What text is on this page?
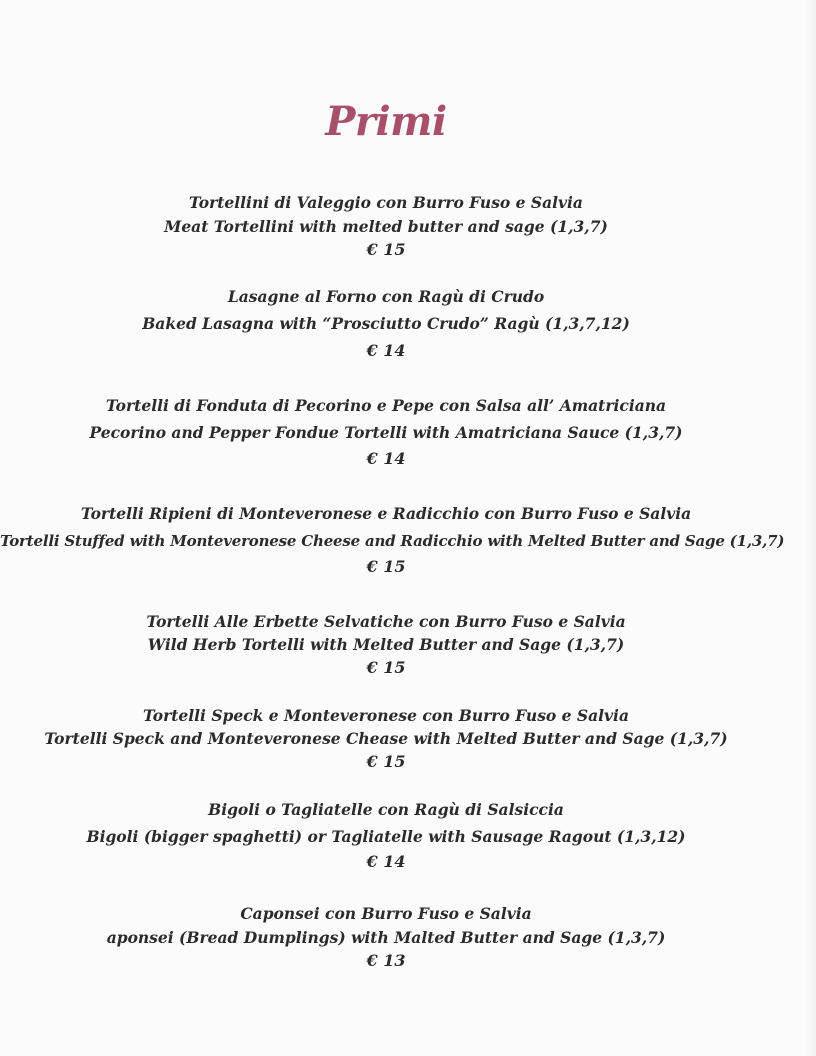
Primi
Tortellini di Valeggio con Burro Fuso e Salvia
Meat Tortellini with melted butter and sage (1,3,7)
€ 15
Lasagne al Forno con Ragù di Crudo
Baked Lasagna with “Prosciutto Crudo” Ragù (1,3,7,12)
€ 14
Tortelli di Fonduta di Pecorino e Pepe con Salsa all’ Amatriciana
Pecorino and Pepper Fondue Tortelli with Amatriciana Sauce (1,3,7)
€ 14
Tortelli Ripieni di Monteveronese e Radicchio con Burro Fuso e Salvia
Tortelli Stuffed with Monteveronese Cheese and Radicchio with Melted Butter and Sage (1,3,7)
€ 15
Tortelli Alle Erbette Selvatiche con Burro Fuso e Salvia
Wild Herb Tortelli with Melted Butter and Sage (1,3,7)
€ 15
Tortelli Speck e Monteveronese con Burro Fuso e Salvia
Tortelli Speck and Monteveronese Chease with Melted Butter and Sage (1,3,7)
€ 15
Bigoli o Tagliatelle con Ragù di Salsiccia
Bigoli (bigger spaghetti) or Tagliatelle with Sausage Ragout (1,3,12)
€ 14
Caponsei con Burro Fuso e Salvia
aponsei (Bread Dumplings) with Malted Butter and Sage (1,3,7)
€ 13
